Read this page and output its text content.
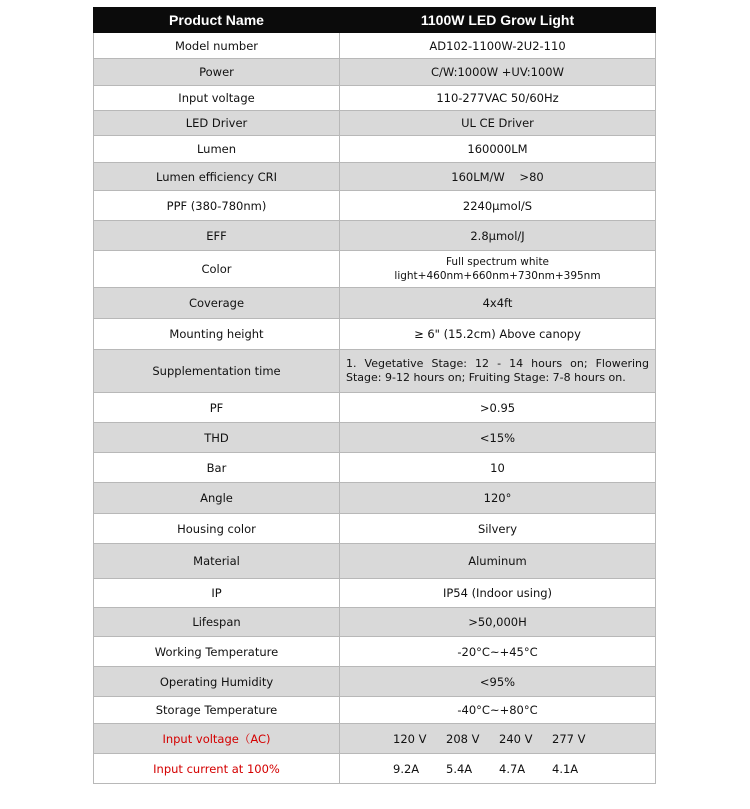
Product Name	1100W LED Grow Light
Model number	AD102-1100W-2U2-110
Power	C/W:1000W +UV:100W
Input voltage	110-277VAC 50/60Hz
LED Driver	UL CE Driver
Lumen	160000LM
Lumen efficiency CRI	160LM/W    >80
PPF (380-780nm)	2240μmol/S
EFF	2.8μmol/J
Color	Full spectrum white light+460nm+660nm+730nm+395nm
Coverage	4x4ft
Mounting height	≥ 6" (15.2cm) Above canopy
Supplementation time	1. Vegetative Stage: 12 - 14 hours on; Flowering Stage: 9-12 hours on; Fruiting Stage: 7-8 hours on.
PF	>0.95
THD	<15%
Bar	10
Angle	120°
Housing color	Silvery
Material	Aluminum
IP	IP54 (Indoor using)
Lifespan	>50,000H
Working Temperature	-20°C~+45°C
Operating Humidity	<95%
Storage Temperature	-40°C~+80°C
Input voltage（AC)	120 V 208 V 240 V 277 V

Input current at 100%	9.2A 5.4A 4.7A 4.1A
